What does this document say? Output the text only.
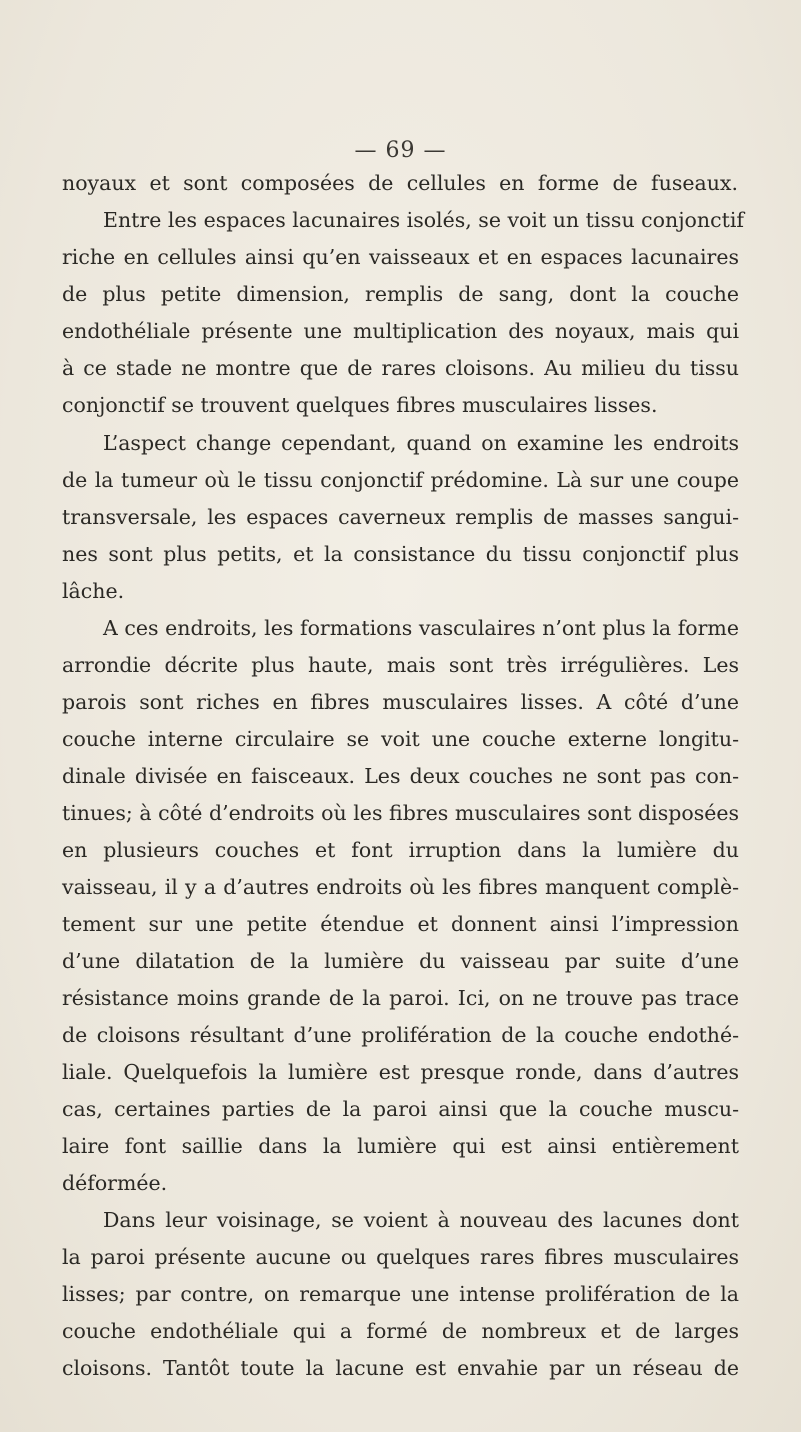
— 69 —
noyaux et sont composées de cellules en forme de fuseaux.
Entre les espaces lacunaires isolés, se voit un tissu conjonctif
riche en cellules ainsi qu’en vaisseaux et en espaces lacunaires
de plus petite dimension, remplis de sang, dont la couche
endothéliale présente une multiplication des noyaux, mais qui
à ce stade ne montre que de rares cloisons. Au milieu du tissu
conjonctif se trouvent quelques fibres musculaires lisses.
L’aspect change cependant, quand on examine les endroits
de la tumeur où le tissu conjonctif prédomine. Là sur une coupe
transversale, les espaces caverneux remplis de masses sangui-
nes sont plus petits, et la consistance du tissu conjonctif plus
lâche.
A ces endroits, les formations vasculaires n’ont plus la forme
arrondie décrite plus haute, mais sont très irrégulières. Les
parois sont riches en fibres musculaires lisses. A côté d’une
couche interne circulaire se voit une couche externe longitu-
dinale divisée en faisceaux. Les deux couches ne sont pas con-
tinues; à côté d’endroits où les fibres musculaires sont disposées
en plusieurs couches et font irruption dans la lumière du
vaisseau, il y a d’autres endroits où les fibres manquent complè-
tement sur une petite étendue et donnent ainsi l’impression
d’une dilatation de la lumière du vaisseau par suite d’une
résistance moins grande de la paroi. Ici, on ne trouve pas trace
de cloisons résultant d’une prolifération de la couche endothé-
liale. Quelquefois la lumière est presque ronde, dans d’autres
cas, certaines parties de la paroi ainsi que la couche muscu-
laire font saillie dans la lumière qui est ainsi entièrement
déformée.
Dans leur voisinage, se voient à nouveau des lacunes dont
la paroi présente aucune ou quelques rares fibres musculaires
lisses; par contre, on remarque une intense prolifération de la
couche endothéliale qui a formé de nombreux et de larges
cloisons. Tantôt toute la lacune est envahie par un réseau de
